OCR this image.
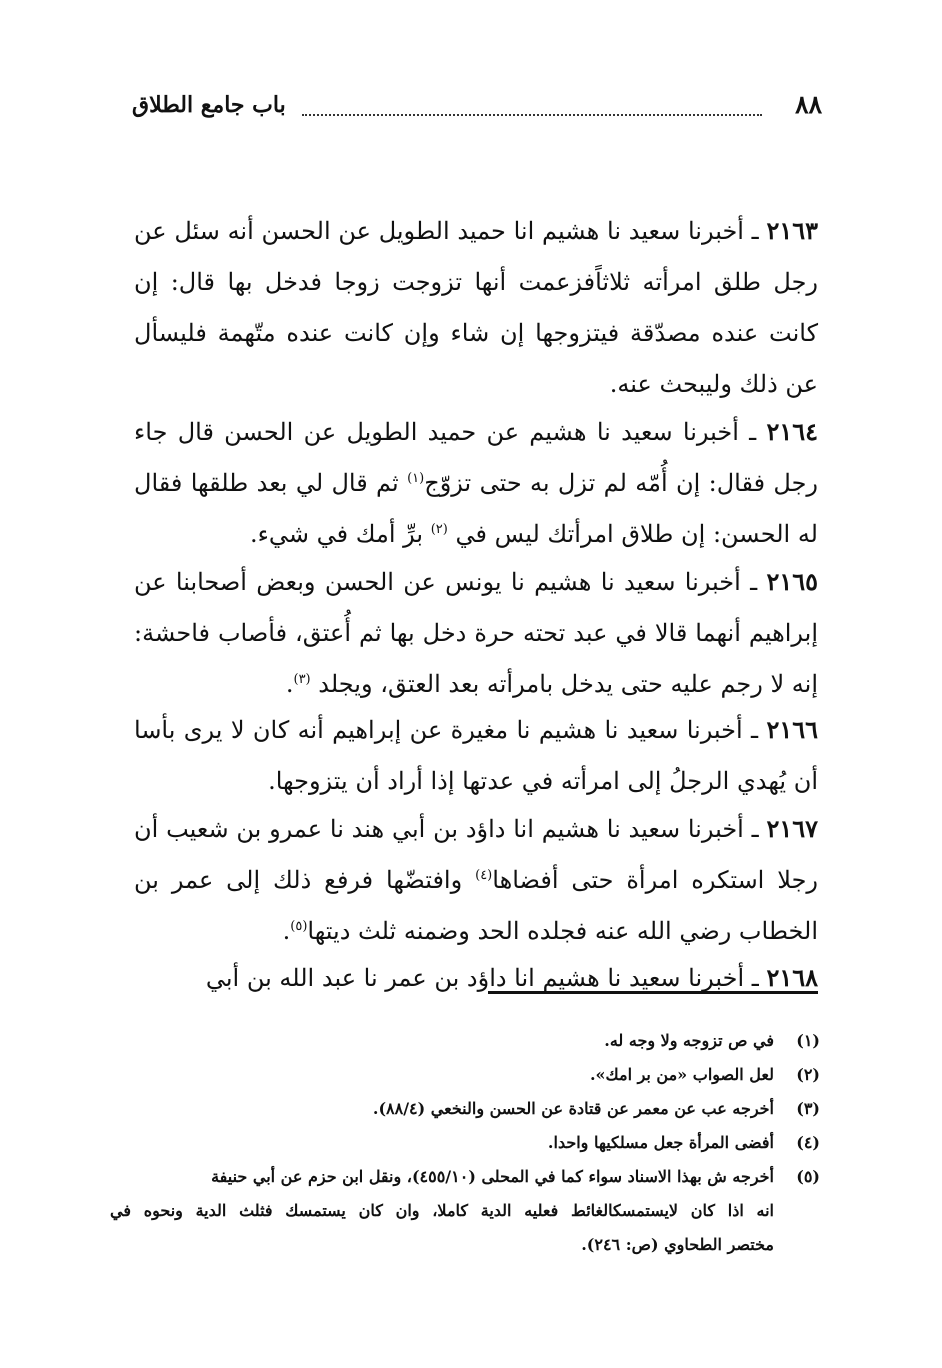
٨٨
باب جامع الطلاق

٢١٦٣ ـ أخبرنا سعيد نا هشيم انا حميد الطويل عن الحسن أنه سئل عن رجل طلق امرأته ثلاثاًفزعمت أنها تزوجت زوجا فدخل بها قال: إن كانت عنده مصدّقة فيتزوجها إن شاء وإن كانت عنده متّهمة فليسأل عن ذلك وليبحث عنه.

٢١٦٤ ـ أخبرنا سعيد نا هشيم عن حميد الطويل عن الحسن قال جاء رجل فقال: إن أُمّه لم تزل به حتى تزوّج$^{(١)}$ ثم قال لي بعد طلقها فقال له الحسن: إن طلاق امرأتك ليس في $^{(٢)}$ برِّ أمك في شيء.

٢١٦٥ ـ أخبرنا سعيد نا هشيم نا يونس عن الحسن وبعض أصحابنا عن إبراهيم أنهما قالا في عبد تحته حرة دخل بها ثم أُعتق، فأصاب فاحشة: إنه لا رجم عليه حتى يدخل بامرأته بعد العتق، ويجلد $^{(٣)}$.

٢١٦٦ ـ أخبرنا سعيد نا هشيم نا مغيرة عن إبراهيم أنه كان لا يرى بأسا أن يُهدي الرجلُ إلى امرأته في عدتها إذا أراد أن يتزوجها.

٢١٦٧ ـ أخبرنا سعيد نا هشيم انا داؤد بن أبي هند نا عمرو بن شعيب أن رجلا استكره امرأة حتى أفضاها$^{(٤)}$ وافتضّها فرفع ذلك إلى عمر بن الخطاب رضي الله عنه فجلده الحد وضمنه ثلث ديتها$^{(٥)}$.

٢١٦٨ ـ أخبرنا سعيد نا هشيم انا داؤد بن عمر نا عبد الله بن أبي

(١)
في ص تزوجه ولا وجه له.
(٢)
لعل الصواب «من بر امك».
(٣)
أخرجه عب عن معمر عن قتادة عن الحسن والنخعي (٨٨/٤).
(٤)
أفضى المرأة جعل مسلكيها واحدا.
(٥)
أخرجه ش بهذا الاسناد سواء كما في المحلى (٤٥٥/١٠)، ونقل ابن حزم عن أبي حنيفة
انه اذا كان لايستمسكالغائط فعليه الدية كاملا، وان كان يستمسك فثلث الدية ونحوه في
مختصر الطحاوي (ص: ٢٤٦).
